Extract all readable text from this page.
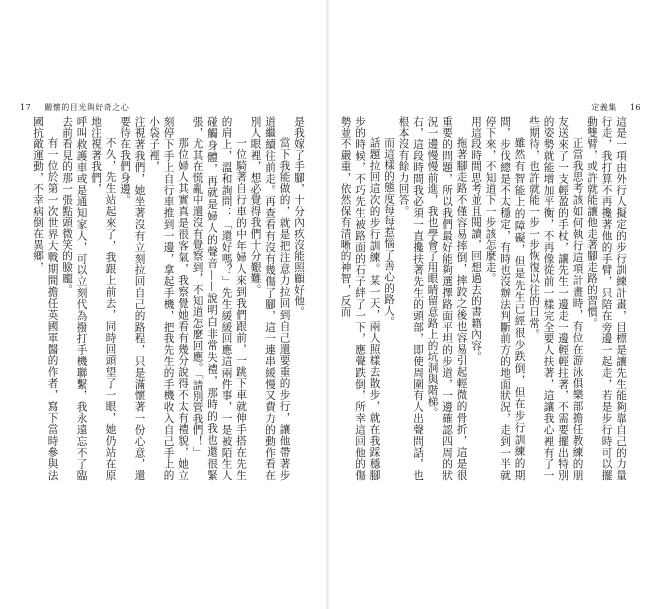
17 關懷的目光與好奇之心

是我嫁了手腳，十分內疚沒能照顧好他。

當下我能做的，就是把注意力拉回到自己還要重的步行，讓他帶著步道繼續往前走。再查看有沒有幾傷了腳，這一連串緩慢又費力的動作看在別人眼裡，想必覺得我們十分艱難。

一位騎著自行車的中年婦人來到我們跟前，一跳下車就伸手搭在先生的肩上，溫和詢問：「還好嗎？」先生緩緩回應這兩件事，一是被陌生人碰觸身體，再就是婦人的聲音——說明白非常失禮，那時的我也還很緊張，尤其在慌亂中還沒有覺察到，不知道怎麼回應。「請別管我們！」

那位婦人其實真是很客氣，我察覺她看有幾分說得不太有禮貌，她立刻停下手上自行車推到一邊，拿起手機，把我先生的手機收入自己手上的小袋子裡，

注視著我們，她坐著沒有立刻拉回自己的路程，只是滿懷著一份心意，還要待在我們身邊。

不久，先生站起來了，我跟上前去，同時回頭望了一眼，她仍站在原地注視著我們，

呼叫救護車或是通知家人，可以立刻代為撥打手機聯繫，我永遠忘不了臨去前看見的那一張點頭微笑的臉龐。

有一位於第一次世界大戰期間擔任英國軍醫的作者，寫下當時參與法國抗敵運動，不幸病倒在異鄉，

定義集 16

這是一項由外行人擬定的步行訓練計畫，目標是讓先生能夠靠自己的力量行走，我打算不再攙著他的手臂，只陪在旁邊一起走，若是步行時可以擺動雙臂，或許就能讓他走著腳走路的習慣。

正當我思考該如何執行這項計畫時，有位在游泳俱樂部擔任教練的朋友送來了一支輕盈的手杖，讓先生一邊走一邊輕輕拄著，不需要擺出特別的姿勢就能增加平衡，不再像從前一樣完全要人扶著，這讓我心裡有了一些期待，也許就能一步一步恢復以往的日常。

雖然有智能上的障礙，但是先生已經很少跌倒，但在步行訓練的期間，步伐總是不太穩定，有時也沒辦法判斷前方的地面狀況，走到一半就停下來，不知道下一步該怎麼走。

用這段時間思考並且閱讀，回想過去的書籍內容。

拖著腳走路不僅容易摔倒，摔跤之後也容易引起輕微的骨折，這是很重要的問題，所以我們最好能夠選擇路面平坦的步道，一邊確認四周的狀況一邊慢慢前進，我也學會了用眼睛留意路上的坑洞與階梯。

右，這段時間我必須一直攙扶著先生的頭部，即使周圍有人出聲問話，也根本沒有餘力回答。

而這樣的態度每每惹惱了善心的路人。

話題拉回這次的步行訓練。某一天，兩人照樣去散步，就在我踩穩腳步的時候，不巧先生被路面的石子絆了一下，應聲跌倒，所幸這回他的傷勢並不嚴重，依然保有清晰的神智，反而
